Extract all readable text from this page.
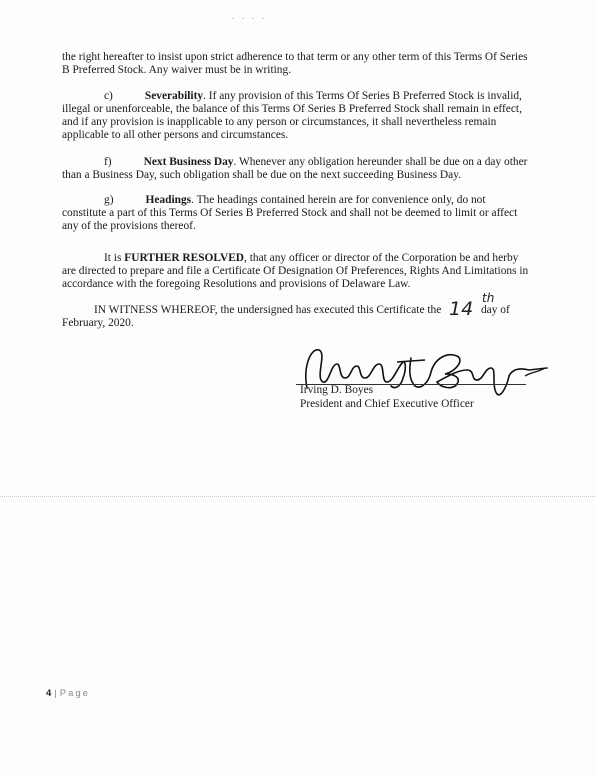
. . . .
the right hereafter to insist upon strict adherence to that term or any other term of this Terms Of Series B Preferred Stock. Any waiver must be in writing.
c)	Severability. If any provision of this Terms Of Series B Preferred Stock is invalid, illegal or unenforceable, the balance of this Terms Of Series B Preferred Stock shall remain in effect, and if any provision is inapplicable to any person or circumstances, it shall nevertheless remain applicable to all other persons and circumstances.
f)	Next Business Day. Whenever any obligation hereunder shall be due on a day other than a Business Day, such obligation shall be due on the next succeeding Business Day.
g)	Headings. The headings contained herein are for convenience only, do not constitute a part of this Terms Of Series B Preferred Stock and shall not be deemed to limit or affect any of the provisions thereof.
It is FURTHER RESOLVED, that any officer or director of the Corporation be and herby are directed to prepare and file a Certificate Of Designation Of Preferences, Rights And Limitations in accordance with the foregoing Resolutions and provisions of Delaware Law.
IN WITNESS WHEREOF, the undersigned has executed this Certificate the 14 day of February, 2020.
th
Irving D. Boyes
President and Chief Executive Officer
4 | Page
